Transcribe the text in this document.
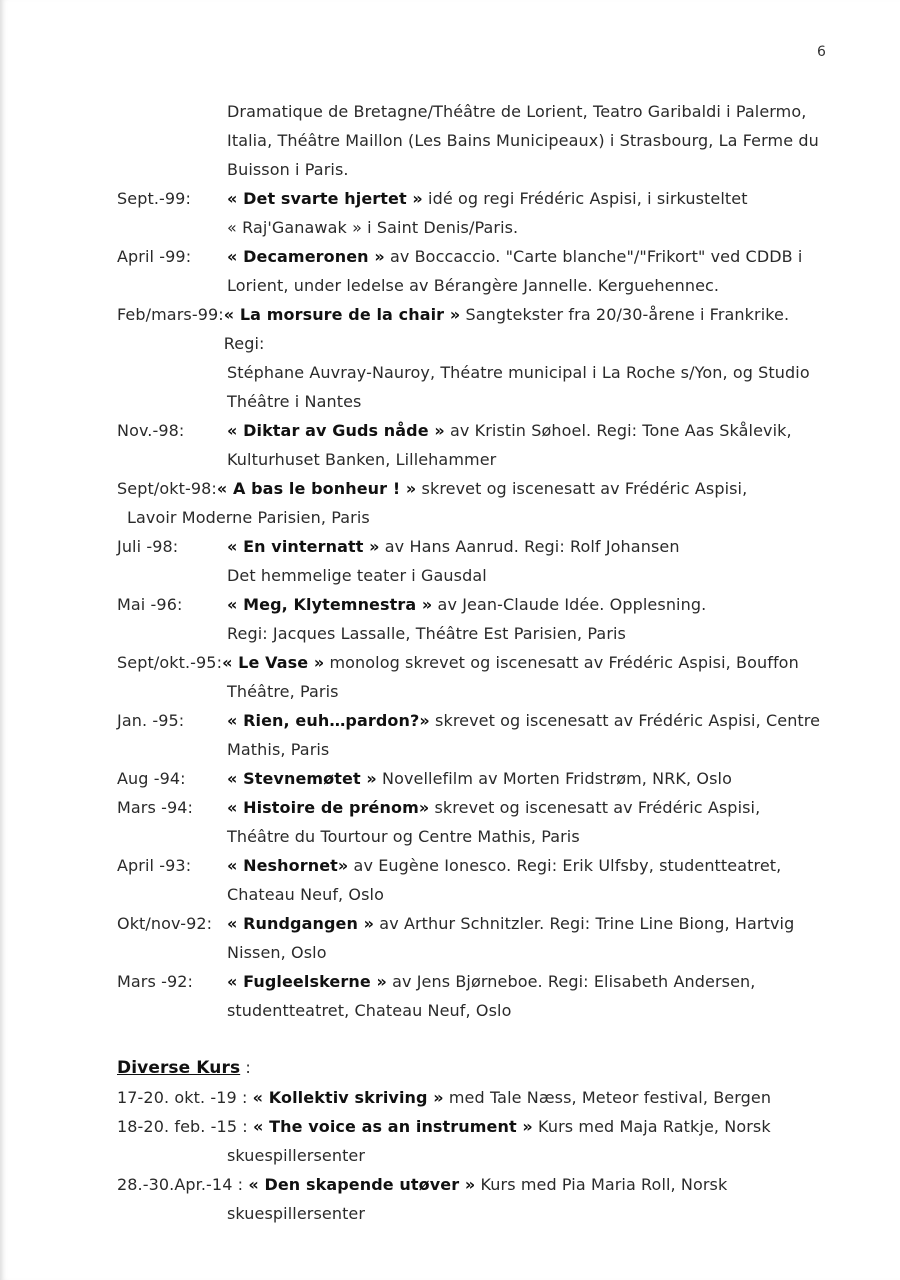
6
Dramatique de Bretagne/Théâtre de Lorient, Teatro Garibaldi i Palermo,
Italia, Théâtre Maillon (Les Bains Municipeaux) i Strasbourg, La Ferme du
Buisson i Paris.
Sept.-99:	« Det svarte hjertet » idé og regi Frédéric Aspisi, i sirkusteltet
« Raj'Ganawak » i Saint Denis/Paris.
April -99:	« Decameronen » av Boccaccio. "Carte blanche"/"Frikort" ved CDDB i
Lorient, under ledelse av Bérangère Jannelle. Kerguehennec.
Feb/mars-99: « La morsure de la chair » Sangtekster fra 20/30-årene i Frankrike. Regi:
Stéphane Auvray-Nauroy, Théatre municipal i La Roche s/Yon, og Studio
Théâtre i Nantes
Nov.-98:	« Diktar av Guds nåde » av Kristin Søhoel. Regi: Tone Aas Skålevik,
Kulturhuset Banken, Lillehammer
Sept/okt-98: « A bas le bonheur ! » skrevet og iscenesatt av Frédéric Aspisi,
Lavoir Moderne Parisien, Paris
Juli -98:	« En vinternatt » av Hans Aanrud. Regi: Rolf Johansen
Det hemmelige teater i Gausdal
Mai -96:	« Meg, Klytemnestra » av Jean-Claude Idée. Opplesning.
Regi: Jacques Lassalle, Théâtre Est Parisien, Paris
Sept/okt.-95: « Le Vase » monolog skrevet og iscenesatt av Frédéric Aspisi, Bouffon
Théâtre, Paris
Jan. -95:	« Rien, euh…pardon?» skrevet og iscenesatt av Frédéric Aspisi, Centre
Mathis, Paris
Aug -94:	« Stevnemøtet » Novellefilm av Morten Fridstrøm, NRK, Oslo
Mars -94:	« Histoire de prénom» skrevet og iscenesatt av Frédéric Aspisi,
Théâtre du Tourtour og Centre Mathis, Paris
April -93:	« Neshornet» av Eugène Ionesco. Regi: Erik Ulfsby, studentteatret,
Chateau Neuf, Oslo
Okt/nov-92: « Rundgangen » av Arthur Schnitzler. Regi: Trine Line Biong, Hartvig
Nissen, Oslo
Mars -92:	« Fugleelskerne » av Jens Bjørneboe. Regi: Elisabeth Andersen,
studentteatret, Chateau Neuf, Oslo
Diverse Kurs :
17-20. okt. -19 : « Kollektiv skriving » med Tale Næss, Meteor festival, Bergen
18-20. feb. -15 : « The voice as an instrument » Kurs med Maja Ratkje, Norsk
skuespillersenter
28.-30.Apr.-14 : « Den skapende utøver » Kurs med Pia Maria Roll, Norsk
skuespillersenter
